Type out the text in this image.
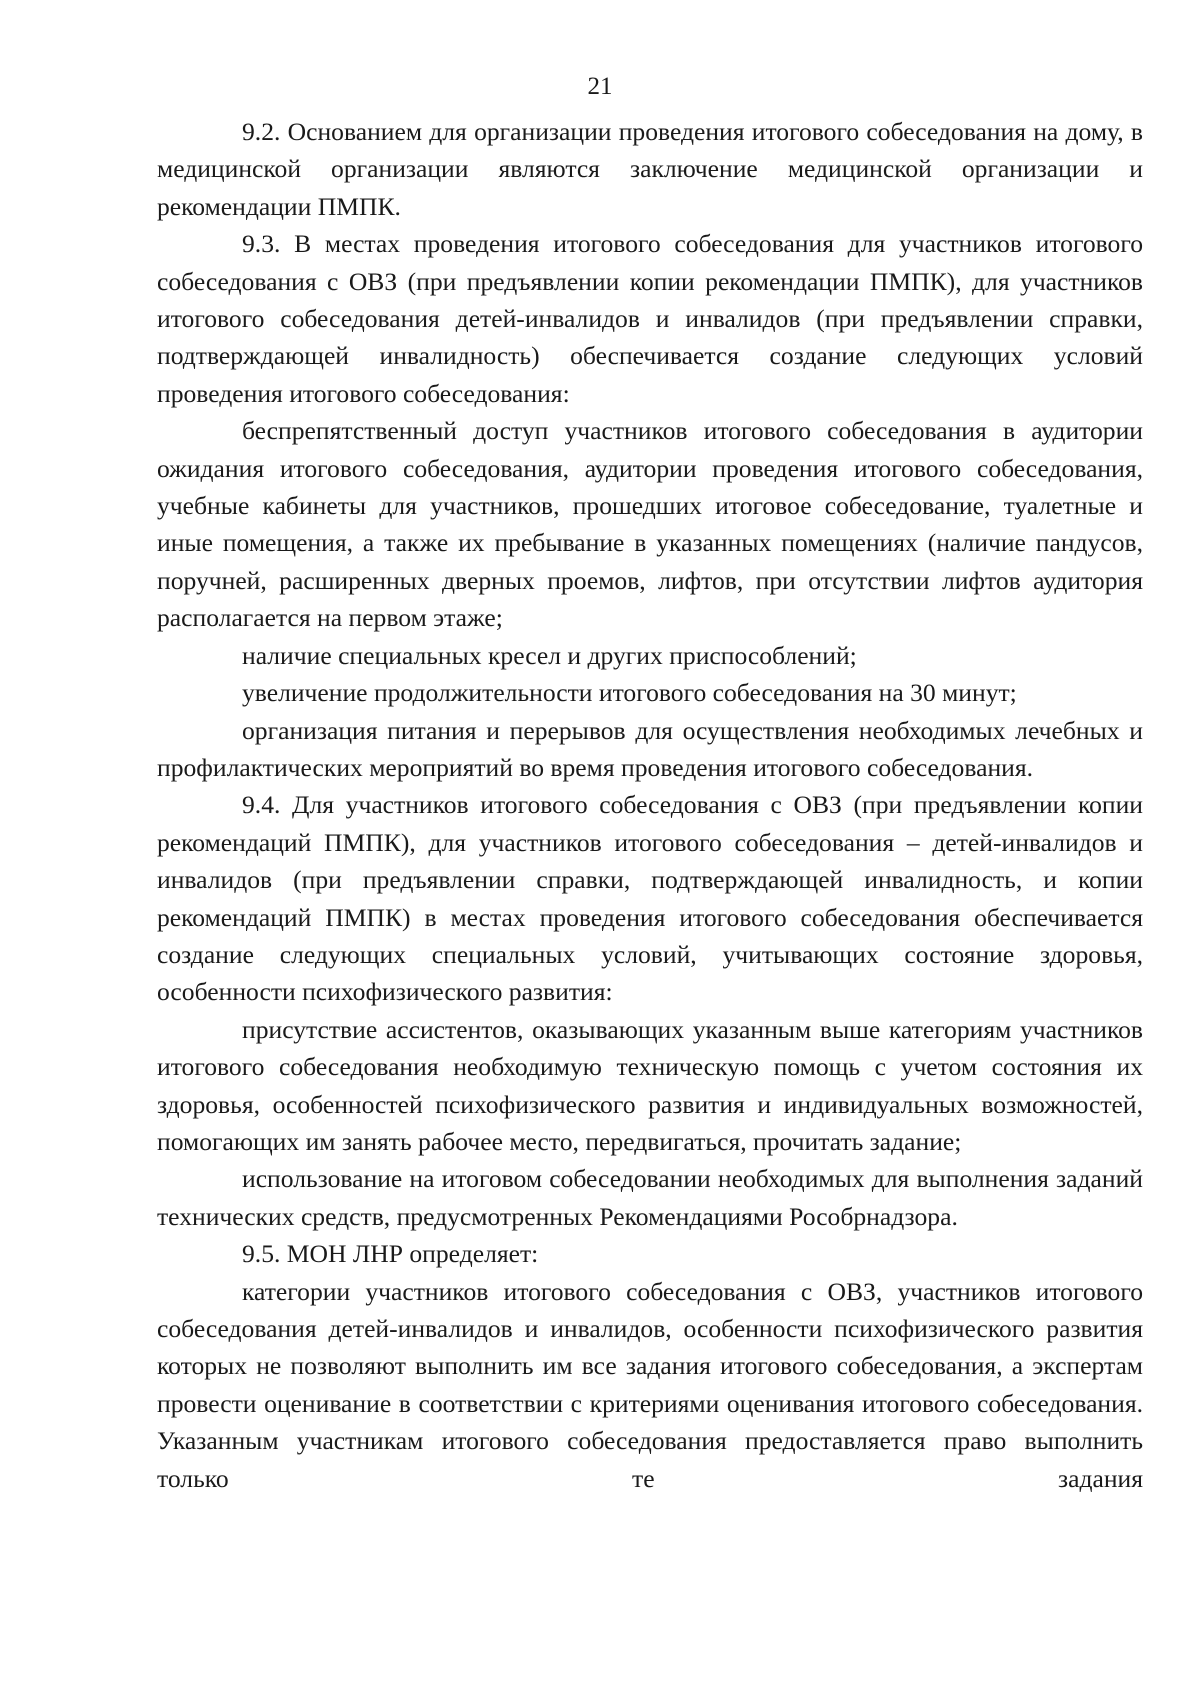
21

9.2. Основанием для организации проведения итогового собеседования на дому, в медицинской организации являются заключение медицинской организации и рекомендации ПМПК.

9.3. В местах проведения итогового собеседования для участников итогового собеседования с ОВЗ (при предъявлении копии рекомендации ПМПК), для участников итогового собеседования детей-инвалидов и инвалидов (при предъявлении справки, подтверждающей инвалидность) обеспечивается создание следующих условий проведения итогового собеседования:

беспрепятственный доступ участников итогового собеседования в аудитории ожидания итогового собеседования, аудитории проведения итогового собеседования, учебные кабинеты для участников, прошедших итоговое собеседование, туалетные и иные помещения, а также их пребывание в указанных помещениях (наличие пандусов, поручней, расширенных дверных проемов, лифтов, при отсутствии лифтов аудитория располагается на первом этаже;

наличие специальных кресел и других приспособлений;

увеличение продолжительности итогового собеседования на 30 минут;

организация питания и перерывов для осуществления необходимых лечебных и профилактических мероприятий во время проведения итогового собеседования.

9.4. Для участников итогового собеседования с ОВЗ (при предъявлении копии рекомендаций ПМПК), для участников итогового собеседования – детей-инвалидов и инвалидов (при предъявлении справки, подтверждающей инвалидность, и копии рекомендаций ПМПК) в местах проведения итогового собеседования обеспечивается создание следующих специальных условий, учитывающих состояние здоровья, особенности психофизического развития:

присутствие ассистентов, оказывающих указанным выше категориям участников итогового собеседования необходимую техническую помощь с учетом состояния их здоровья, особенностей психофизического развития и индивидуальных возможностей, помогающих им занять рабочее место, передвигаться, прочитать задание;

использование на итоговом собеседовании необходимых для выполнения заданий технических средств, предусмотренных Рекомендациями Рособрнадзора.

9.5. МОН ЛНР определяет:

категории участников итогового собеседования с ОВЗ, участников итогового собеседования детей-инвалидов и инвалидов, особенности психофизического развития которых не позволяют выполнить им все задания итогового собеседования, а экспертам провести оценивание в соответствии с критериями оценивания итогового собеседования. Указанным участникам итогового собеседования предоставляется право выполнить только те задания
